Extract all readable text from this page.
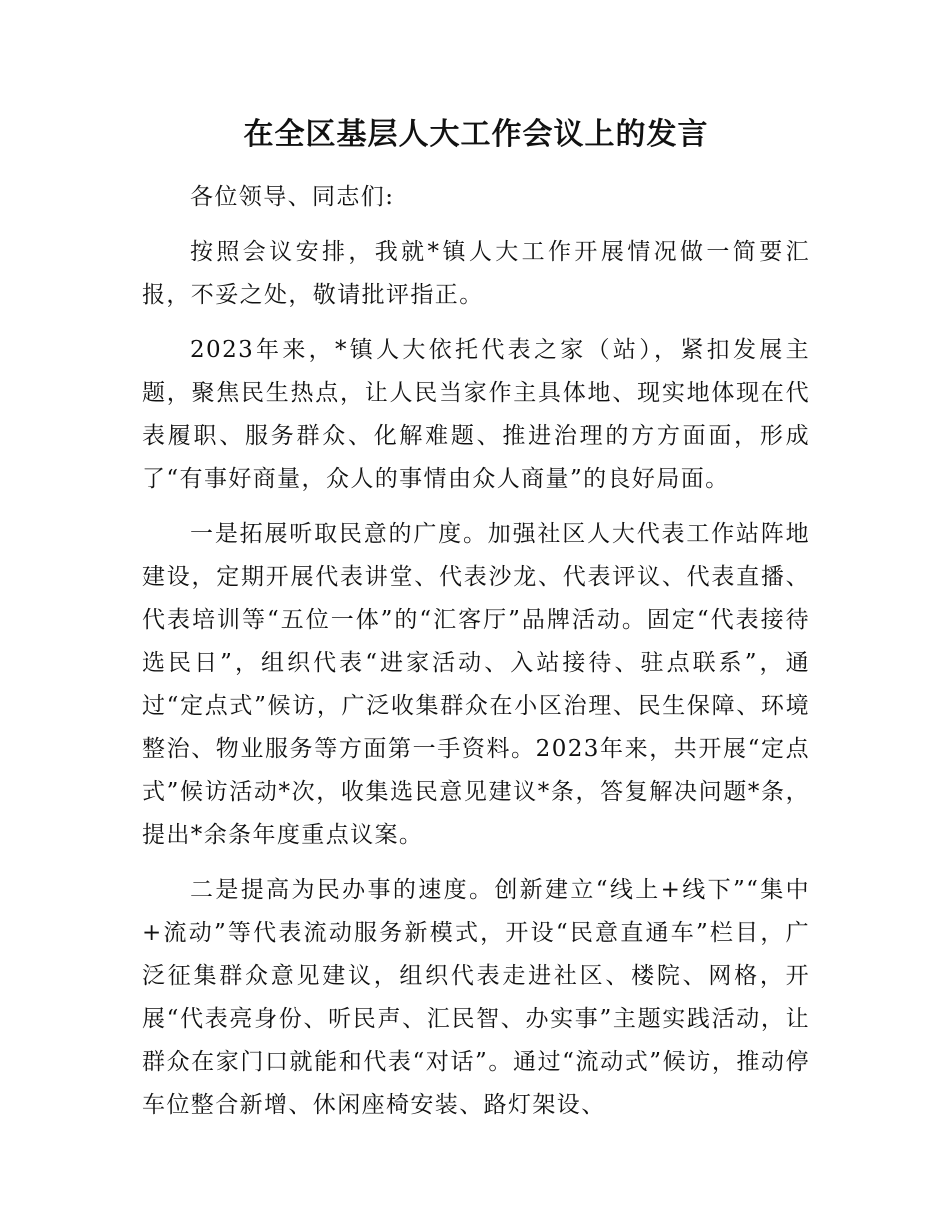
在全区基层人大工作会议上的发言

各位领导、同志们:

按照会议安排，我就*镇人大工作开展情况做一简要汇报，不妥之处，敬请批评指正。

2023年来，*镇人大依托代表之家（站），紧扣发展主题，聚焦民生热点，让人民当家作主具体地、现实地体现在代表履职、服务群众、化解难题、推进治理的方方面面，形成了“有事好商量，众人的事情由众人商量”的良好局面。

一是拓展听取民意的广度。加强社区人大代表工作站阵地建设，定期开展代表讲堂、代表沙龙、代表评议、代表直播、代表培训等“五位一体”的“汇客厅”品牌活动。固定“代表接待选民日”，组织代表“进家活动、入站接待、驻点联系”，通过“定点式”候访，广泛收集群众在小区治理、民生保障、环境整治、物业服务等方面第一手资料。2023年来，共开展“定点式”候访活动*次，收集选民意见建议*条，答复解决问题*条，提出*余条年度重点议案。

二是提高为民办事的速度。创新建立“线上+线下”“集中+流动”等代表流动服务新模式，开设“民意直通车”栏目，广泛征集群众意见建议，组织代表走进社区、楼院、网格，开展“代表亮身份、听民声、汇民智、办实事”主题实践活动，让群众在家门口就能和代表“对话”。通过“流动式”候访，推动停车位整合新增、休闲座椅安装、路灯架设、
